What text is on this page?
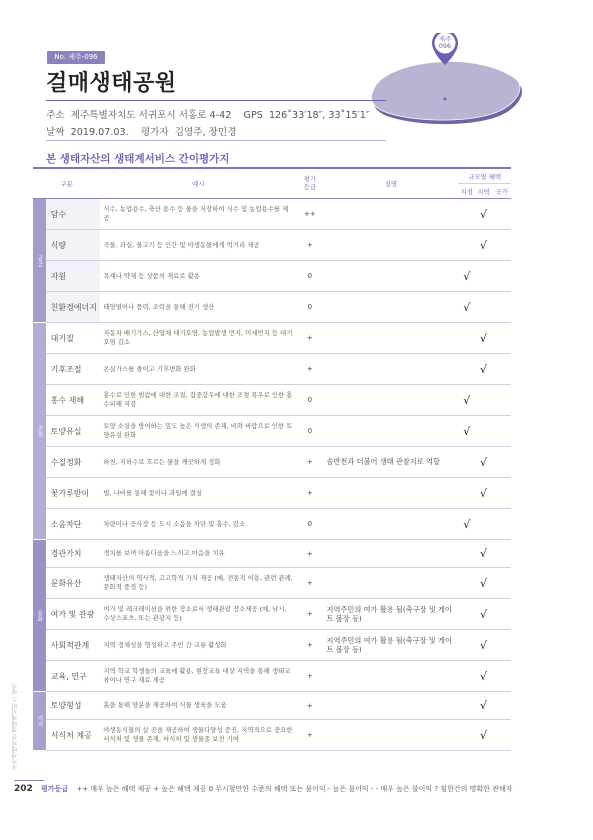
No. 제주-096
걸매생태공원
제주
096
주소 제주특별자치도 서귀포시 서홍로 4-42 GPS 126˚33′18″, 33˚15′1″
날짜 2019.07.03. 평가자 김영주, 장민경
본 생태자산의 생태계서비스 간이평가지
구분		예시	평가
등급	설명	규모별 혜택		
					지점	지역	국가
공급	담수	식수, 농업용수, 축산 용수 등 물을 저장하여 식수 및 농업용수를 제공	++			√	
	식량	곡물, 과실, 물고기 등 인간 및 야생동물에게 먹거리 제공	+			√	
	자원	목재나 약재 등 상품의 재료로 활용	0		√		
	친환경에너지	태양열이나 풍력, 조력을 통해 전기 생산	0		√		
조절	대기질	자동차 배기가스, 산업체 대기오염, 농업발생 먼지, 미세먼지 등 대기오염 감소	+			√	
	기후조절	온실가스를 줄이고 기후변화 완화	+			√	
	홍수 재해	홍수로 인한 범람에 대한 조절, 집중강우에 대한 조절 폭우로 인한 홍수피해 저감	0		√		
	토양유실	토양 소실을 방어하는 밀도 높은 식생의 존재, 비와 바람으로 인한 토양유실 완화	0		√		
	수질정화	하천, 지하수로 흐르는 물을 깨끗하게 정화	+	솜반천과 더불어 생태 관찰지로 역할		√	
	꽃가루받이	벌, 나비를 통해 꽃이나 과일에 결실	+			√	
	소음차단	차량이나 공사장 등 도시 소음을 차단 및 흡수, 감소	0		√		
문화	경관가치	경치를 보며 아름다움을 느끼고 마음을 치유	+			√	
	문화유산	생태자산의 역사적, 고고학적 가치 제공 (예, 전통적 이용, 관련 관례, 문화적 풍경 등)	+			√	
	여가 및 관광	여가 및 레크레이션을 위한 장소로서 생태관광 장소제공 (예, 낚시, 수상스포츠, 또는 관광지 등)	+	지역주민의 여가 활용 됨(축구장 및 게이트 볼장 등)		√	
	사회적관계	지역 정체성을 형성하고 주민 간 교류 활성화	+	지역주민의 여가 활용 됨(축구장 및 게이트 볼장 등)		√	
	교육, 연구	지역 학교 학생들의 교육에 활용, 현장교육 대상 지역을 통해 생태교육이나 연구 재료 제공	+			√	
지지	토양형성	흙을 통해 양분을 제공하여 식물 생육을 도움	+			√	
	서식처 제공	야생동식물의 살 곳을 제공하여 생물다양성 증진, 지역적으로 중요한 서식처 및 생물 존재, 서식처 및 생물종 보전 기여	+			√	
국가생태자산 생태계서비스 평가
202 평가등급 ++ 매우 높은 혜택 제공 + 높은 혜택 제공 0 무시할만한 수준의 혜택 또는 불이익 - 높은 불이익 - - 매우 높은 불이익 ? 힘한간의 명확한 관해자
